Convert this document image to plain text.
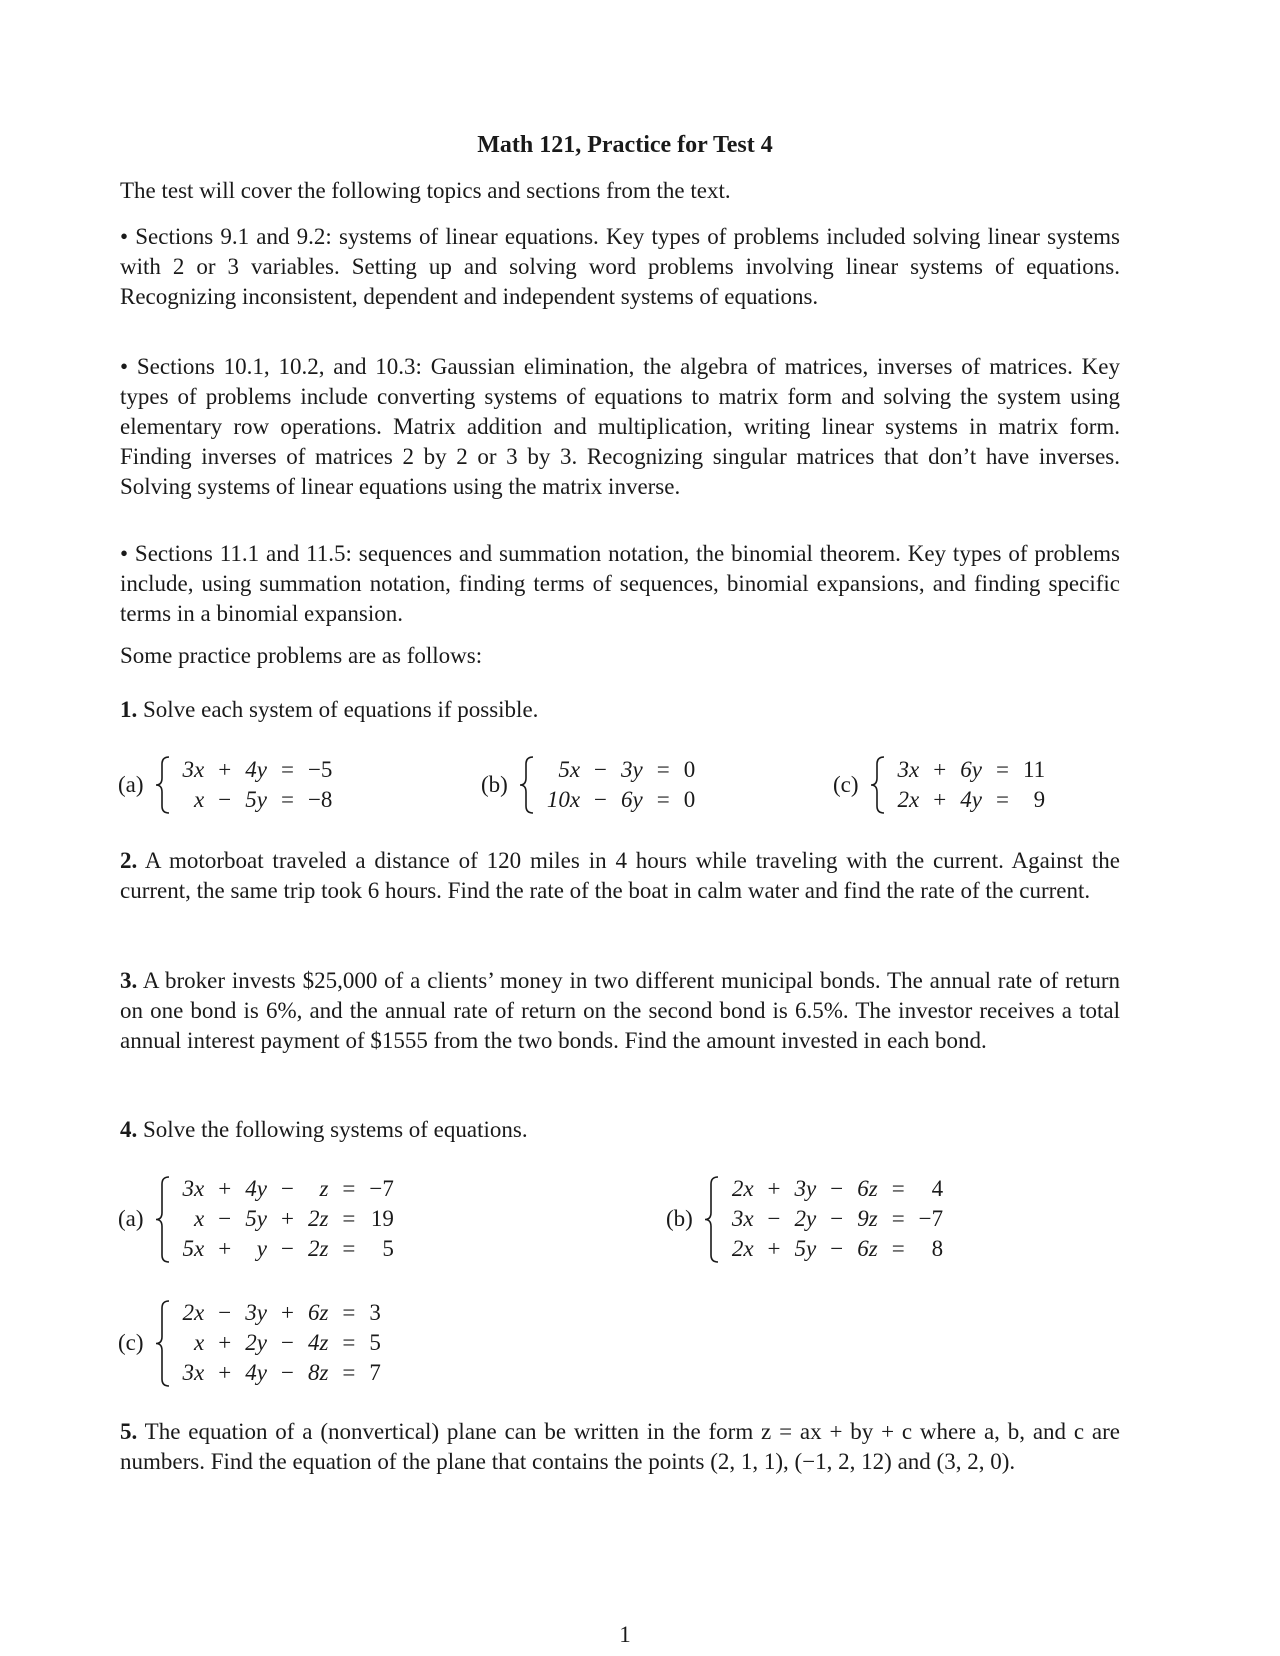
Math 121, Practice for Test 4
The test will cover the following topics and sections from the text.
• Sections 9.1 and 9.2: systems of linear equations. Key types of problems included solving linear systems with 2 or 3 variables. Setting up and solving word problems involving linear systems of equations. Recognizing inconsistent, dependent and independent systems of equations.
• Sections 10.1, 10.2, and 10.3: Gaussian elimination, the algebra of matrices, inverses of matrices. Key types of problems include converting systems of equations to matrix form and solving the system using elementary row operations. Matrix addition and multiplication, writing linear systems in matrix form. Finding inverses of matrices 2 by 2 or 3 by 3. Recognizing singular matrices that don’t have inverses. Solving systems of linear equations using the matrix inverse.
• Sections 11.1 and 11.5: sequences and summation notation, the binomial theorem. Key types of problems include, using summation notation, finding terms of sequences, binomial expansions, and finding specific terms in a binomial expansion.
Some practice problems are as follows:
1. Solve each system of equations if possible.
(a)
3x	+	4y	=	−5
x	−	5y	=	−8
(b)
5x	−	3y	=	0
10x	−	6y	=	0
(c)
3x	+	6y	=	11
2x	+	4y	=	9
2. A motorboat traveled a distance of 120 miles in 4 hours while traveling with the current. Against the current, the same trip took 6 hours. Find the rate of the boat in calm water and find the rate of the current.
3. A broker invests $25,000 of a clients’ money in two different municipal bonds. The annual rate of return on one bond is 6%, and the annual rate of return on the second bond is 6.5%. The investor receives a total annual interest payment of $1555 from the two bonds. Find the amount invested in each bond.
4. Solve the following systems of equations.
(a)
3x	+	4y	−	z	=	−7
x	−	5y	+	2z	=	19
5x	+	y	−	2z	=	5
(b)
2x	+	3y	−	6z	=	4
3x	−	2y	−	9z	=	−7
2x	+	5y	−	6z	=	8
(c)
2x	−	3y	+	6z	=	3
x	+	2y	−	4z	=	5
3x	+	4y	−	8z	=	7
5. The equation of a (nonvertical) plane can be written in the form z = ax + by + c where a, b, and c are numbers. Find the equation of the plane that contains the points (2, 1, 1), (−1, 2, 12) and (3, 2, 0).
1
